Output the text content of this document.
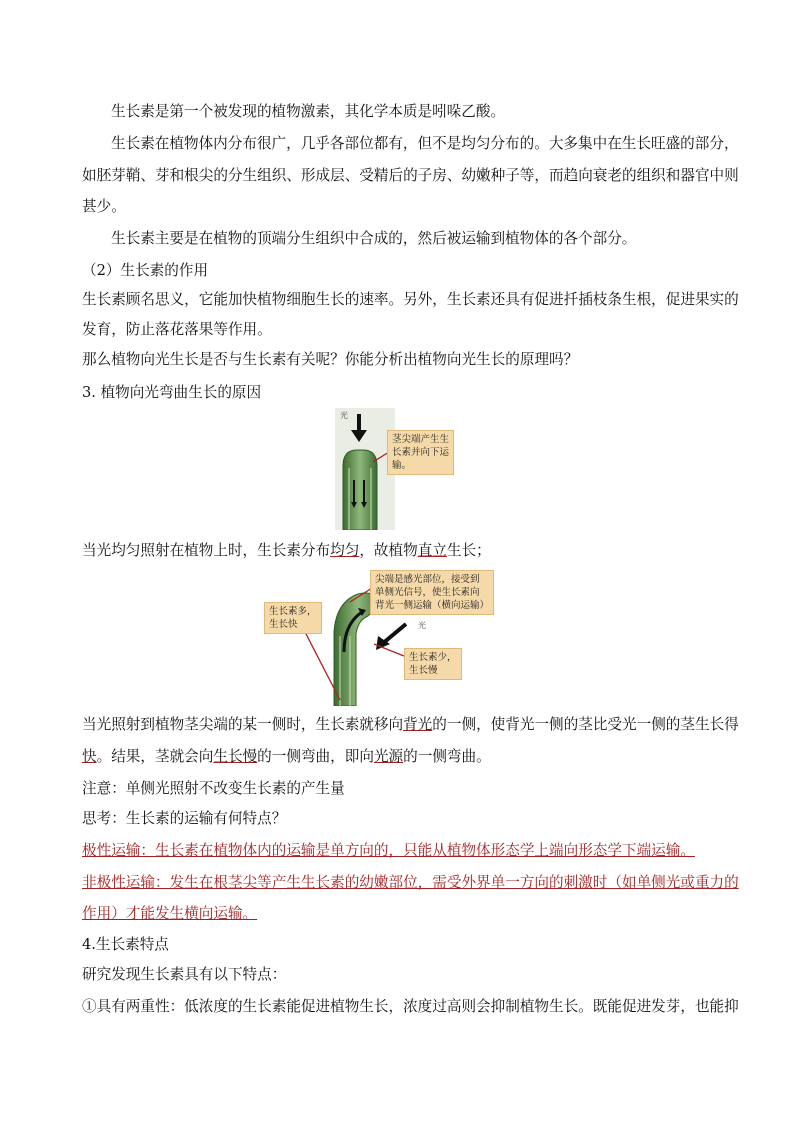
生长素是第一个被发现的植物激素，其化学本质是吲哚乙酸。
生长素在植物体内分布很广，几乎各部位都有，但不是均匀分布的。大多集中在生长旺盛的部分，
如胚芽鞘、芽和根尖的分生组织、形成层、受精后的子房、幼嫩种子等，而趋向衰老的组织和器官中则
甚少。
生长素主要是在植物的顶端分生组织中合成的，然后被运输到植物体的各个部分。
（2）生长素的作用
生长素顾名思义，它能加快植物细胞生长的速率。另外，生长素还具有促进扦插枝条生根，促进果实的
发育，防止落花落果等作用。
那么植物向光生长是否与生长素有关呢？你能分析出植物向光生长的原理吗？
3. 植物向光弯曲生长的原因
光
茎尖端产生生
长素并向下运
输。
当光均匀照射在植物上时，生长素分布均匀，故植物直立生长；
光
尖端是感光部位，接受到
单侧光信号，使生长素向
背光一侧运输（横向运输）
生长素多，
生长快
生长素少，
生长慢
当光照射到植物茎尖端的某一侧时，生长素就移向背光的一侧，使背光一侧的茎比受光一侧的茎生长得
快。结果，茎就会向生长慢的一侧弯曲，即向光源的一侧弯曲。
注意：单侧光照射不改变生长素的产生量
思考：生长素的运输有何特点？
极性运输：生长素在植物体内的运输是单方向的，只能从植物体形态学上端向形态学下端运输。
非极性运输：发生在根茎尖等产生生长素的幼嫩部位，需受外界单一方向的刺激时（如单侧光或重力的
作用）才能发生横向运输。
4.生长素特点
研究发现生长素具有以下特点：
①具有两重性：低浓度的生长素能促进植物生长，浓度过高则会抑制植物生长。既能促进发芽，也能抑
